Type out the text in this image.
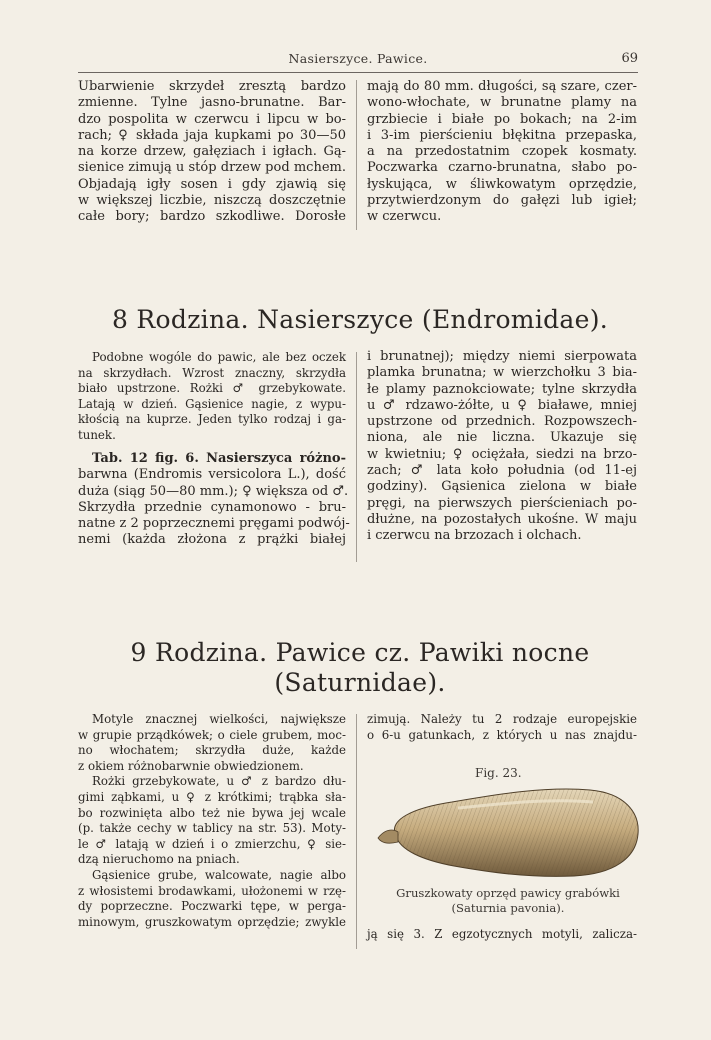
Nasierszyce. Pawice.	69
Ubarwienie skrzydeł zresztą bardzo
zmienne. Tylne jasno-brunatne. Bar-
dzo pospolita w czerwcu i lipcu w bo-
rach; ♀ składa jaja kupkami po 30—50
na korze drzew, gałęziach i igłach. Gą-
sienice zimują u stóp drzew pod mchem.
Objadają igły sosen i gdy zjawią się
w większej liczbie, niszczą doszczętnie
całe bory; bardzo szkodliwe. Dorosłe
mają do 80 mm. długości, są szare, czer-
wono-włochate, w brunatne plamy na
grzbiecie i białe po bokach; na 2-im
i 3-im pierścieniu błękitna przepaska,
a na przedostatnim czopek kosmaty.
Poczwarka czarno-brunatna, słabo po-
łyskująca, w śliwkowatym oprzędzie,
przytwierdzonym do gałęzi lub igieł;
w czerwcu.
8 Rodzina. Nasierszyce (Endromidae).
Podobne wogóle do pawic, ale bez oczek
na skrzydłach. Wzrost znaczny, skrzydła
biało upstrzone. Rożki ♂ grzebykowate.
Latają w dzień. Gąsienice nagie, z wypu-
kłością na kuprze. Jeden tylko rodzaj i ga-
tunek.
Tab. 12 fig. 6. Nasierszyca różno-
barwna (Endromis versicolora L.), dość
duża (siąg 50—80 mm.); ♀ większa od ♂.
Skrzydła przednie cynamonowo - bru-
natne z 2 poprzecznemi pręgami podwój-
nemi (każda złożona z prążki białej
i brunatnej); między niemi sierpowata
plamka brunatna; w wierzchołku 3 bia-
łe plamy paznokciowate; tylne skrzydła
u ♂ rdzawo-żółte, u ♀ białawe, mniej
upstrzone od przednich. Rozpowszech-
niona, ale nie liczna. Ukazuje się
w kwietniu; ♀ ociężała, siedzi na brzo-
zach; ♂ lata koło południa (od 11-ej
godziny). Gąsienica zielona w białe
pręgi, na pierwszych pierścieniach po-
dłużne, na pozostałych ukośne. W maju
i czerwcu na brzozach i olchach.
9 Rodzina. Pawice cz. Pawiki nocne
(Saturnidae).
Motyle znacznej wielkości, największe
w grupie prządkówek; o ciele grubem, moc-
no włochatem; skrzydła duże, każde
z okiem różnobarwnie obwiedzionem.
Rożki grzebykowate, u ♂ z bardzo dłu-
gimi ząbkami, u ♀ z krótkimi; trąbka sła-
bo rozwinięta albo też nie bywa jej wcale
(p. także cechy w tablicy na str. 53). Moty-
le ♂ latają w dzień i o zmierzchu, ♀ sie-
dzą nieruchomo na pniach.
Gąsienice grube, walcowate, nagie albo
z włosistemi brodawkami, ułożonemi w rzę-
dy poprzeczne. Poczwarki tępe, w perga-
minowym, gruszkowatym oprzędzie; zwykle
zimują. Należy tu 2 rodzaje europejskie
o 6-u gatunkach, z których u nas znajdu-
Fig. 23.
Gruszkowaty oprzęd pawicy grabówki
(Saturnia pavonia).
ją się 3. Z egzotycznych motyli, zalicza-
